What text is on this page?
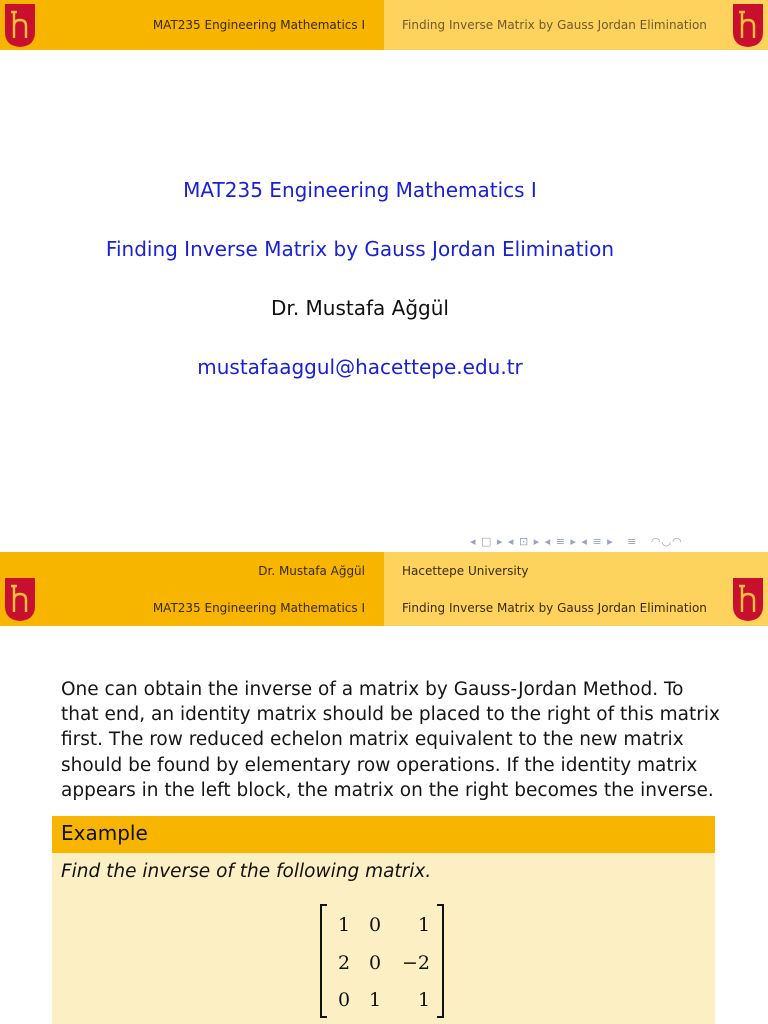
MAT235 Engineering Mathematics I	Finding Inverse Matrix by Gauss Jordan Elimination
MAT235 Engineering Mathematics I
Finding Inverse Matrix by Gauss Jordan Elimination
Dr. Mustafa Ağgül
mustafaaggul@hacettepe.edu.tr
◂ □ ▸ ◂ ⊡ ▸ ◂ ≡ ▸ ◂ ≡ ▸   ≡   ◠◡◠
Dr. Mustafa Ağgül
MAT235 Engineering Mathematics I
Hacettepe University
Finding Inverse Matrix by Gauss Jordan Elimination
One can obtain the inverse of a matrix by Gauss-Jordan Method. To that end, an identity matrix should be placed to the right of this matrix first. The row reduced echelon matrix equivalent to the new matrix should be found by elementary row operations. If the identity matrix appears in the left block, the matrix on the right becomes the inverse.
Example
Find the inverse of the following matrix.
1 0 1
2 0 −2
0 1 1
